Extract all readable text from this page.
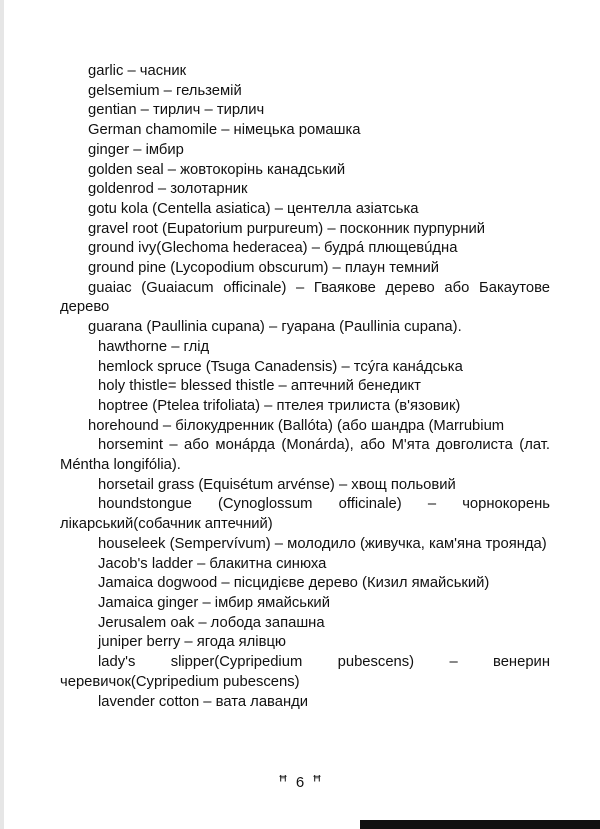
garlic – часник

gelsemium – гельземій

gentian – тирлич – тирлич

German chamomile – німецька ромашка

ginger – імбир

golden seal – жовтокорінь канадський

goldenrod – золотарник

gotu kola (Centella asiatica) – центелла азіатська

gravel root (Eupatorium purpureum) – посконник пурпурний

ground ivy(Glechoma hederacea) – будрá плющевúдна

ground pine (Lycopodium obscurum) – плаун темний

guaiac (Guaiacum officinale) – Гваякове дерево або Бакаутове дерево

guarana (Paullinia cupana) – гуарана (Paullinia cupana).

hawthorne – глід

hemlock spruce (Tsuga Canadensis) – тсýга канáдська

holy thistle= blessed thistle – аптечний бенедикт

hoptree (Ptelea trifoliata) – птелея трилиста (в'язовик)

horehound – білокудренник (Ballóta) (або шандра (Marrubium

horsemint – або монáрда (Monárda), або М'ята довголиста (лат. Méntha longifólia).

horsetail grass (Equisétum arvénse) – хвощ польовий

houndstongue (Cynoglossum officinale) – чорнокорень лікарський(собачник аптечний)

houseleek (Sempervívum) – молодило (живучка, кам'яна троянда)

Jacob's ladder – блакитна синюха

Jamaica dogwood – пісцидієве дерево (Кизил ямайський)

Jamaica ginger – імбир ямайський

Jerusalem oak – лобода запашна

juniper berry – ягода ялівцю

lady's slipper(Cypripedium pubescens) – венерин черевичок(Cypripedium pubescens)

lavender cotton – вата лаванди

ꟸ 6 ꟸ
